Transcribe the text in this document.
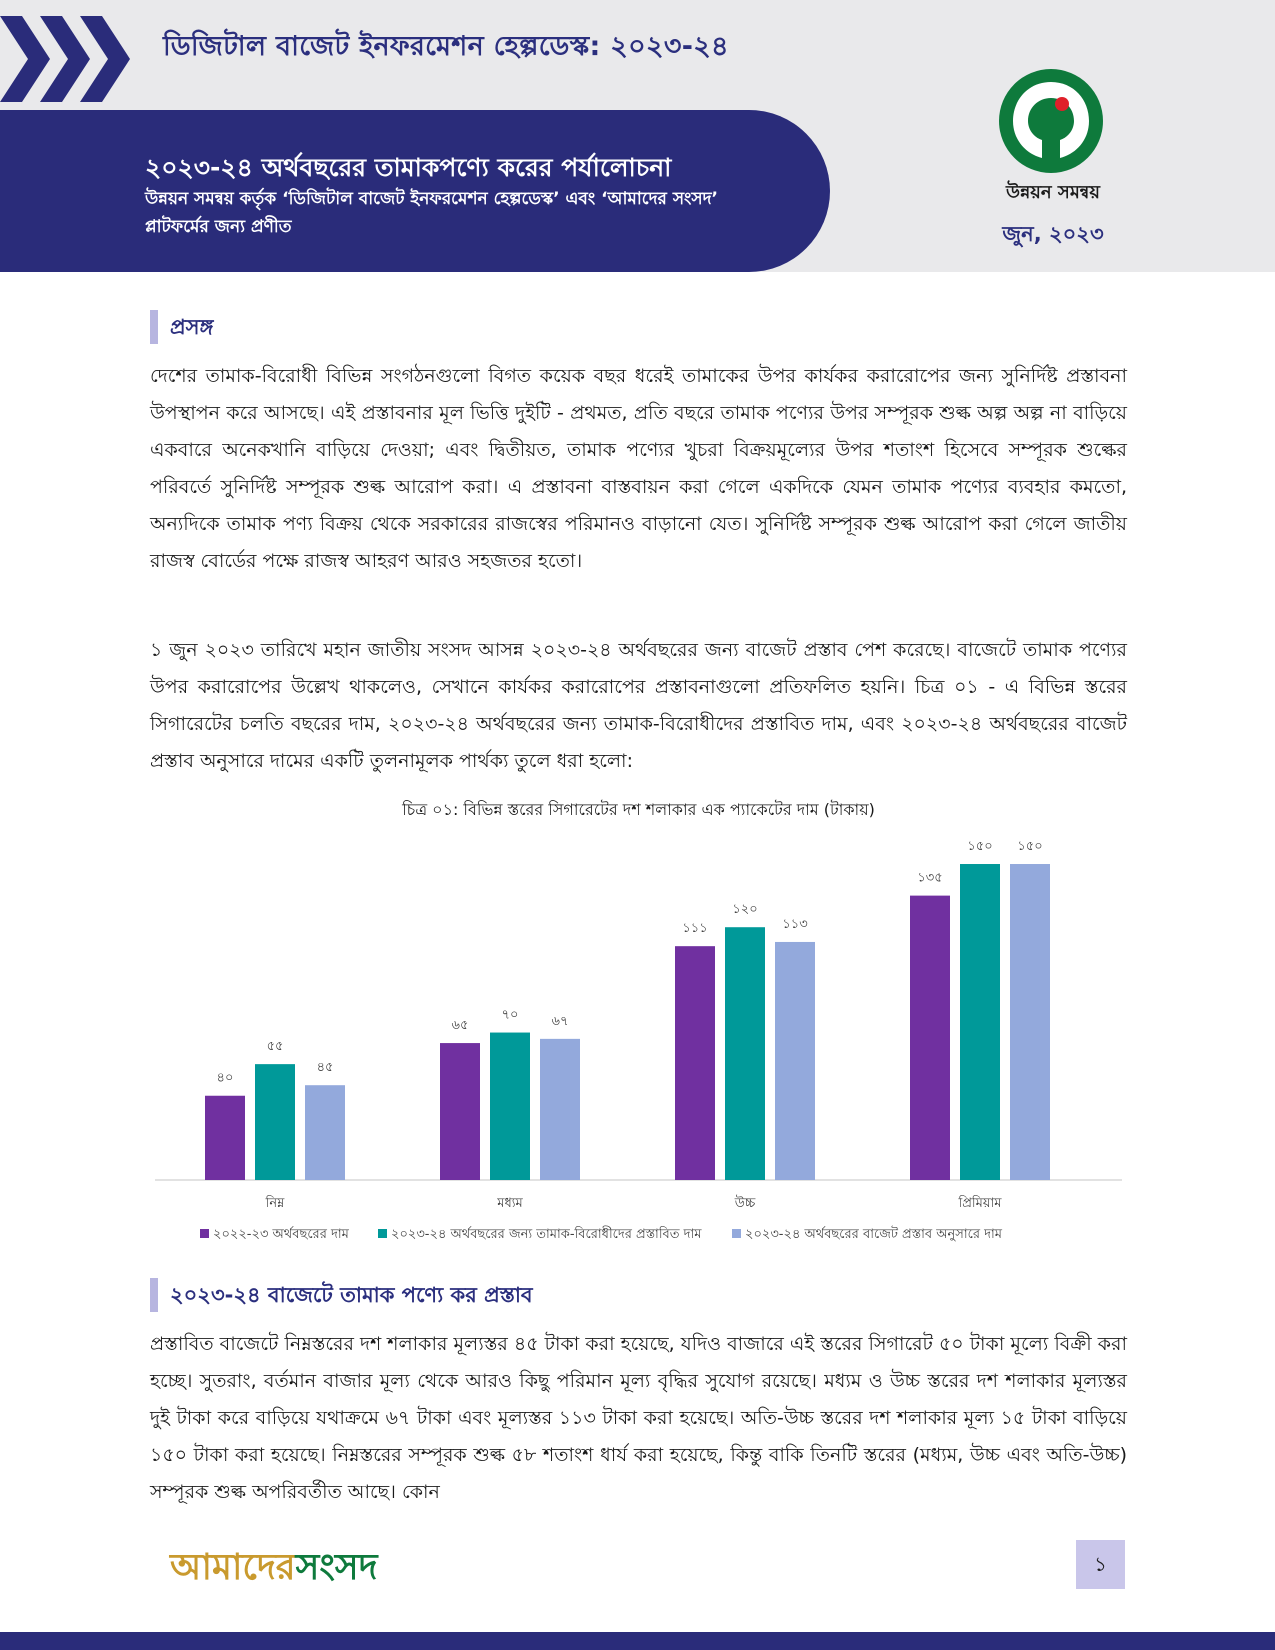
ডিজিটাল বাজেট ইনফরমেশন হেল্পডেস্ক: ২০২৩-২৪
২০২৩-২৪ অর্থবছরের তামাকপণ্যে করের পর্যালোচনা
উন্নয়ন সমন্বয় কর্তৃক ‘ডিজিটাল বাজেট ইনফরমেশন হেল্পডেস্ক’ এবং ‘আমাদের সংসদ’ প্লাটফর্মের জন্য প্রণীত
উন্নয়ন সমন্বয়
জুন, ২০২৩
প্রসঙ্গ
দেশের তামাক-বিরোধী বিভিন্ন সংগঠনগুলো বিগত কয়েক বছর ধরেই তামাকের উপর কার্যকর করারোপের জন্য সুনির্দিষ্ট প্রস্তাবনা উপস্থাপন করে আসছে। এই প্রস্তাবনার মূল ভিত্তি দুইটি - প্রথমত, প্রতি বছরে তামাক পণ্যের উপর সম্পূরক শুল্ক অল্প অল্প না বাড়িয়ে একবারে অনেকখানি বাড়িয়ে দেওয়া; এবং দ্বিতীয়ত, তামাক পণ্যের খুচরা বিক্রয়মূল্যের উপর শতাংশ হিসেবে সম্পূরক শুল্কের পরিবর্তে সুনির্দিষ্ট সম্পূরক শুল্ক আরোপ করা। এ প্রস্তাবনা বাস্তবায়ন করা গেলে একদিকে যেমন তামাক পণ্যের ব্যবহার কমতো, অন্যদিকে তামাক পণ্য বিক্রয় থেকে সরকারের রাজস্বের পরিমানও বাড়ানো যেত। সুনির্দিষ্ট সম্পূরক শুল্ক আরোপ করা গেলে জাতীয় রাজস্ব বোর্ডের পক্ষে রাজস্ব আহরণ আরও সহজতর হতো।
১ জুন ২০২৩ তারিখে মহান জাতীয় সংসদ আসন্ন ২০২৩-২৪ অর্থবছরের জন্য বাজেট প্রস্তাব পেশ করেছে। বাজেটে তামাক পণ্যের উপর করারোপের উল্লেখ থাকলেও, সেখানে কার্যকর করারোপের প্রস্তাবনাগুলো প্রতিফলিত হয়নি। চিত্র ০১ - এ বিভিন্ন স্তরের সিগারেটের চলতি বছরের দাম, ২০২৩-২৪ অর্থবছরের জন্য তামাক-বিরোধীদের প্রস্তাবিত দাম, এবং ২০২৩-২৪ অর্থবছরের বাজেট প্রস্তাব অনুসারে দামের একটি তুলনামূলক পার্থক্য তুলে ধরা হলো:
চিত্র ০১: বিভিন্ন স্তরের সিগারেটের দশ শলাকার এক প্যাকেটের দাম (টাকায়)
৪০
৫৫
৪৫
নিম্ন
৬৫
৭০	৬৭
মধ্যম
১১১
১২০
১১৩
উচ্চ
১৩৫
১৫০ ১৫০
প্রিমিয়াম
২০২২-২৩ অর্থবছরের দাম	২০২৩-২৪ অর্থবছরের জন্য তামাক-বিরোধীদের প্রস্তাবিত দাম	২০২৩-২৪ অর্থবছরের বাজেট প্রস্তাব অনুসারে দাম
২০২৩-২৪ বাজেটে তামাক পণ্যে কর প্রস্তাব
প্রস্তাবিত বাজেটে নিম্নস্তরের দশ শলাকার মূল্যস্তর ৪৫ টাকা করা হয়েছে, যদিও বাজারে এই স্তরের সিগারেট ৫০ টাকা মূল্যে বিক্রী করা হচ্ছে। সুতরাং, বর্তমান বাজার মূল্য থেকে আরও কিছু পরিমান মূল্য বৃদ্ধির সুযোগ রয়েছে। মধ্যম ও উচ্চ স্তরের দশ শলাকার মূল্যস্তর দুই টাকা করে বাড়িয়ে যথাক্রমে ৬৭ টাকা এবং মূল্যস্তর ১১৩ টাকা করা হয়েছে। অতি-উচ্চ স্তরের দশ শলাকার মূল্য ১৫ টাকা বাড়িয়ে ১৫০ টাকা করা হয়েছে। নিম্নস্তরের সম্পূরক শুল্ক ৫৮ শতাংশ ধার্য করা হয়েছে, কিন্তু বাকি তিনটি স্তরের (মধ্যম, উচ্চ এবং অতি-উচ্চ) সম্পূরক শুল্ক অপরিবর্তীত আছে। কোন
আমাদেরসংসদ	১
